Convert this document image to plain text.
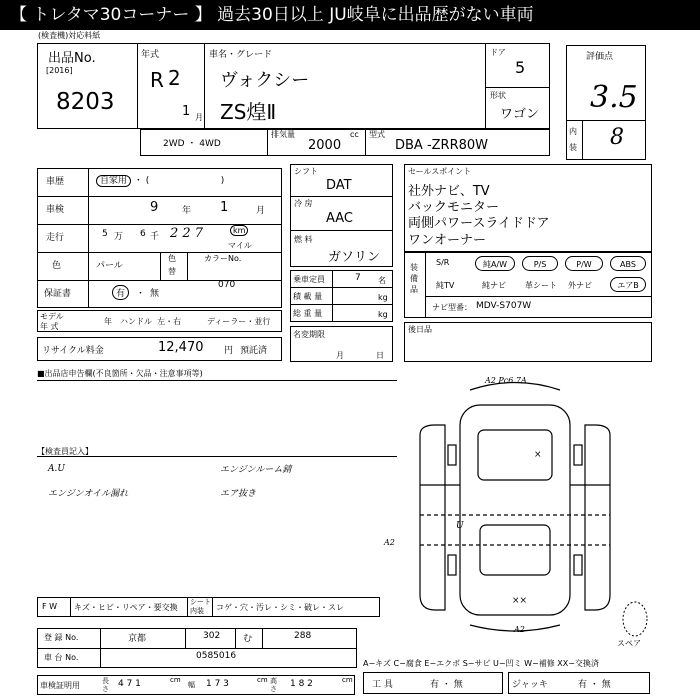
【 トレタマ30コーナー 】 過去30日以上 JU岐阜に出品歴がない車両
(検査機)対応料紙
出品No.
[2016]
8203
年式
R 2
1 月
車名・グレード
ヴォクシー
ZS煌Ⅱ
ドア
5
形状
ワゴン
評価点
3.5
内
装 8
2WD ・ 4WD
排気量
2000
cc 型式
DBA -ZRR80W
車歴	自家用 ・ (                         )
車検	9	年 1	月
走行	5 万 6 千 2 2 7	km
マイル
色	パール
色
替
カラーNo.
070
保証書	有	・ 無
モデル
年 式
年 ハンドル  左・右	ディーラー・並行
リサイクル料金	12,470 円 預託済
シフト
DAT
冷 房
AAC
燃 料
ガソリン
乗車定員	7 名
積 載 量	kg
総 重 量	kg
名変期限
月	日
セールスポイント
社外ナビ、TV
バックモニター
両側パワースライドドア
ワンオーナー
装 備 品
S/R	純A/W	P/S	P/W	ABS
純TV	純ナビ 革シート 外ナビ	エアB
ナビ型番： MDV-S707W
後日品
■出品店申告欄(不良箇所・欠品・注意事項等)
【検査員記入】
A.U
エンジンオイル漏れ
エンジンルーム錆
エア抜き
A2 Pc6 7A
×
U
A2
××
A2
スペア
F W キズ・ヒビ・リペア・要交換
シート 内装	コゲ・穴・汚レ・シミ・破レ・スレ
登 録 No.	京都	302	む	288
車 台 No.	0585016
A−キズ C−腐食 E−エクボ S−サビ U−凹ミ W−補修 XX−交換済
車検証明用	長さ 4 7 1	cm
幅 1 7 3	cm 高さ 1 8 2	cm 工 具	有 ・ 無	ジャッキ	有 ・ 無
